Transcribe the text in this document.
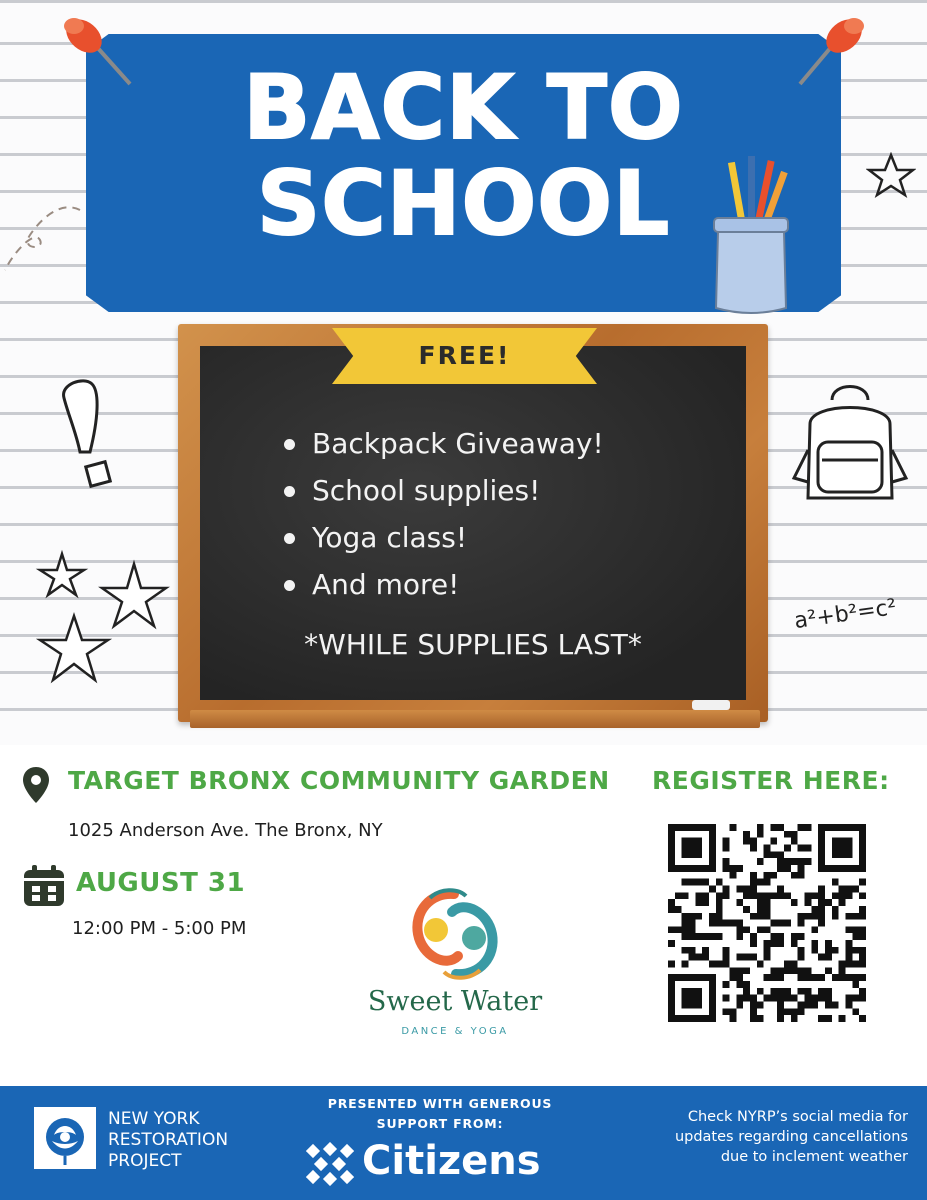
BACK TO
SCHOOL
a²+b²=c²
FREE!
Backpack Giveaway!
School supplies!
Yoga class!
And more!
*WHILE SUPPLIES LAST*
TARGET BRONX COMMUNITY GARDEN
1025 Anderson Ave. The Bronx, NY
AUGUST 31
12:00 PM - 5:00 PM
Sweet Water
DANCE & YOGA
REGISTER HERE:
NEW YORK
RESTORATION
PROJECT
PRESENTED WITH GENEROUS SUPPORT FROM:
Citizens
Check NYRP’s social media for
updates regarding cancellations
due to inclement weather
